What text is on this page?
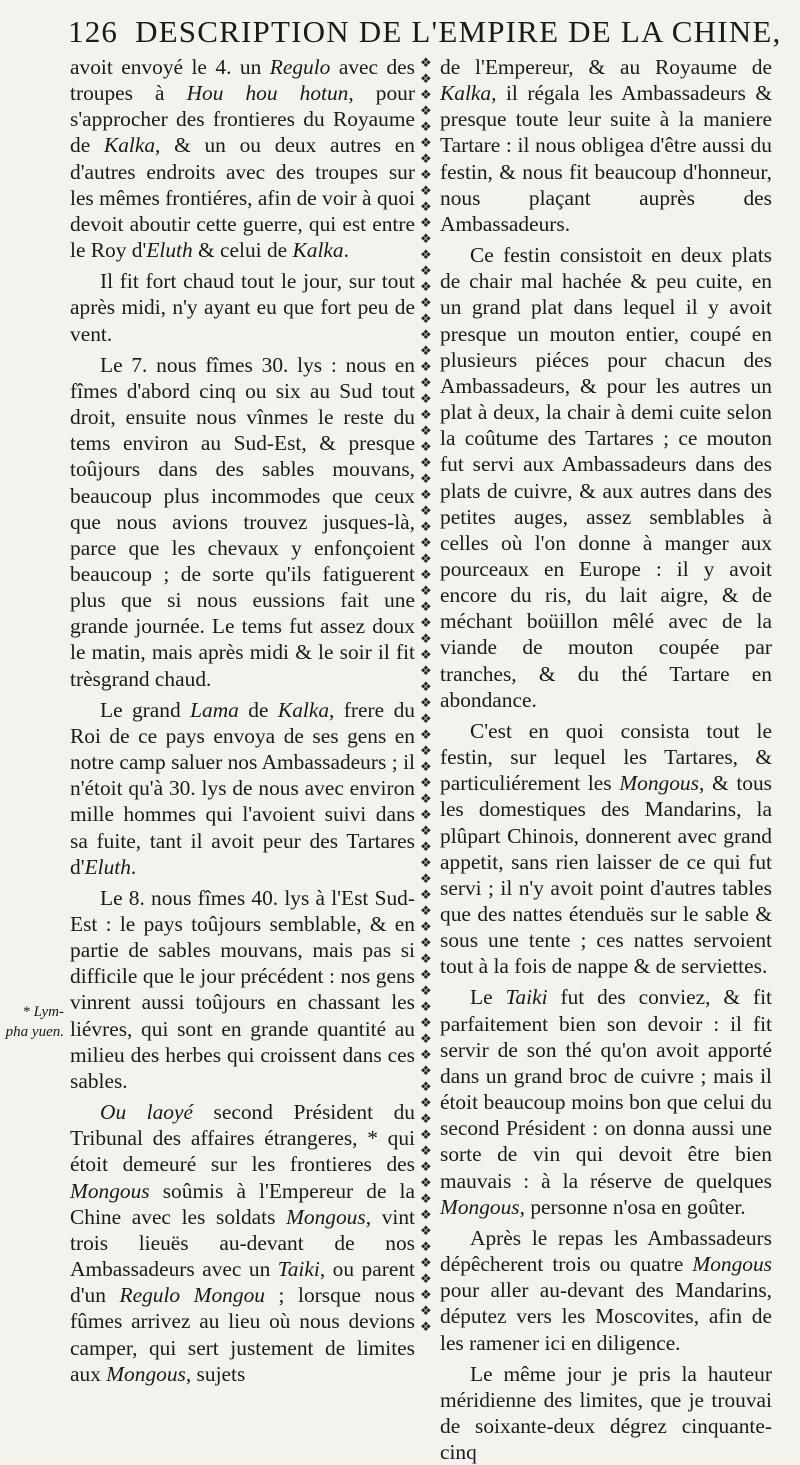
126 DESCRIPTION DE L'EMPIRE DE LA CHINE,

avoit envoyé le 4. un Regulo avec des troupes à Hou hou hotun, pour s'approcher des frontieres du Royaume de Kalka, & un ou deux autres en d'autres endroits avec des troupes sur les mêmes frontiéres, afin de voir à quoi devoit aboutir cette guerre, qui est entre le Roy d'Eluth & celui de Kalka.

Il fit fort chaud tout le jour, sur tout après midi, n'y ayant eu que fort peu de vent.

Le 7. nous fîmes 30. lys : nous en fîmes d'abord cinq ou six au Sud tout droit, ensuite nous vînmes le reste du tems environ au Sud-Est, & presque toûjours dans des sables mouvans, beaucoup plus incommodes que ceux que nous avions trouvez jusques-là, parce que les chevaux y enfonçoient beaucoup ; de sorte qu'ils fatiguerent plus que si nous eussions fait une grande journée. Le tems fut assez doux le matin, mais après midi & le soir il fit trèsgrand chaud.

Le grand Lama de Kalka, frere du Roi de ce pays envoya de ses gens en notre camp saluer nos Ambassadeurs ; il n'étoit qu'à 30. lys de nous avec environ mille hommes qui l'avoient suivi dans sa fuite, tant il avoit peur des Tartares d'Eluth.

Le 8. nous fîmes 40. lys à l'Est Sud-Est : le pays toûjours semblable, & en partie de sables mouvans, mais pas si difficile que le jour précédent : nos gens vinrent aussi toûjours en chassant les liévres, qui sont en grande quantité au milieu des herbes qui croissent dans ces sables.

Ou laoyé second Président du Tribunal des affaires étrangeres, * qui étoit demeuré sur les frontieres des Mongous soûmis à l'Empereur de la Chine avec les soldats Mongous, vint trois lieuës au-devant de nos Ambassadeurs avec un Taiki, ou parent d'un Regulo Mongou ; lorsque nous fûmes arrivez au lieu où nous devions camper, qui sert justement de limites aux Mongous, sujets

❖❖❖❖❖❖❖❖❖❖❖❖❖❖❖❖❖❖❖❖❖❖❖❖❖❖❖❖❖❖❖❖❖❖❖❖❖❖❖❖❖❖❖❖❖❖❖❖❖❖❖❖❖❖❖❖❖❖❖❖❖❖❖❖❖❖❖❖❖❖❖❖❖❖❖❖❖❖❖❖

de l'Empereur, & au Royaume de Kalka, il régala les Ambassadeurs & presque toute leur suite à la maniere Tartare : il nous obligea d'être aussi du festin, & nous fit beaucoup d'honneur, nous plaçant auprès des Ambassadeurs.

Ce festin consistoit en deux plats de chair mal hachée & peu cuite, en un grand plat dans lequel il y avoit presque un mouton entier, coupé en plusieurs piéces pour chacun des Ambassadeurs, & pour les autres un plat à deux, la chair à demi cuite selon la coûtume des Tartares ; ce mouton fut servi aux Ambassadeurs dans des plats de cuivre, & aux autres dans des petites auges, assez semblables à celles où l'on donne à manger aux pourceaux en Europe : il y avoit encore du ris, du lait aigre, & de méchant boüillon mêlé avec de la viande de mouton coupée par tranches, & du thé Tartare en abondance.

C'est en quoi consista tout le festin, sur lequel les Tartares, & particuliérement les Mongous, & tous les domestiques des Mandarins, la plûpart Chinois, donnerent avec grand appetit, sans rien laisser de ce qui fut servi ; il n'y avoit point d'autres tables que des nattes étenduës sur le sable & sous une tente ; ces nattes servoient tout à la fois de nappe & de serviettes.

Le Taiki fut des conviez, & fit parfaitement bien son devoir : il fit servir de son thé qu'on avoit apporté dans un grand broc de cuivre ; mais il étoit beaucoup moins bon que celui du second Président : on donna aussi une sorte de vin qui devoit être bien mauvais : à la réserve de quelques Mongous, personne n'osa en goûter.

Après le repas les Ambassadeurs dépêcherent trois ou quatre Mongous pour aller au-devant des Mandarins, députez vers les Moscovites, afin de les ramener ici en diligence.

Le même jour je pris la hauteur méridienne des limites, que je trouvai de soixante-deux dégrez cinquante-cinq

* Lym-
pha yuen.
